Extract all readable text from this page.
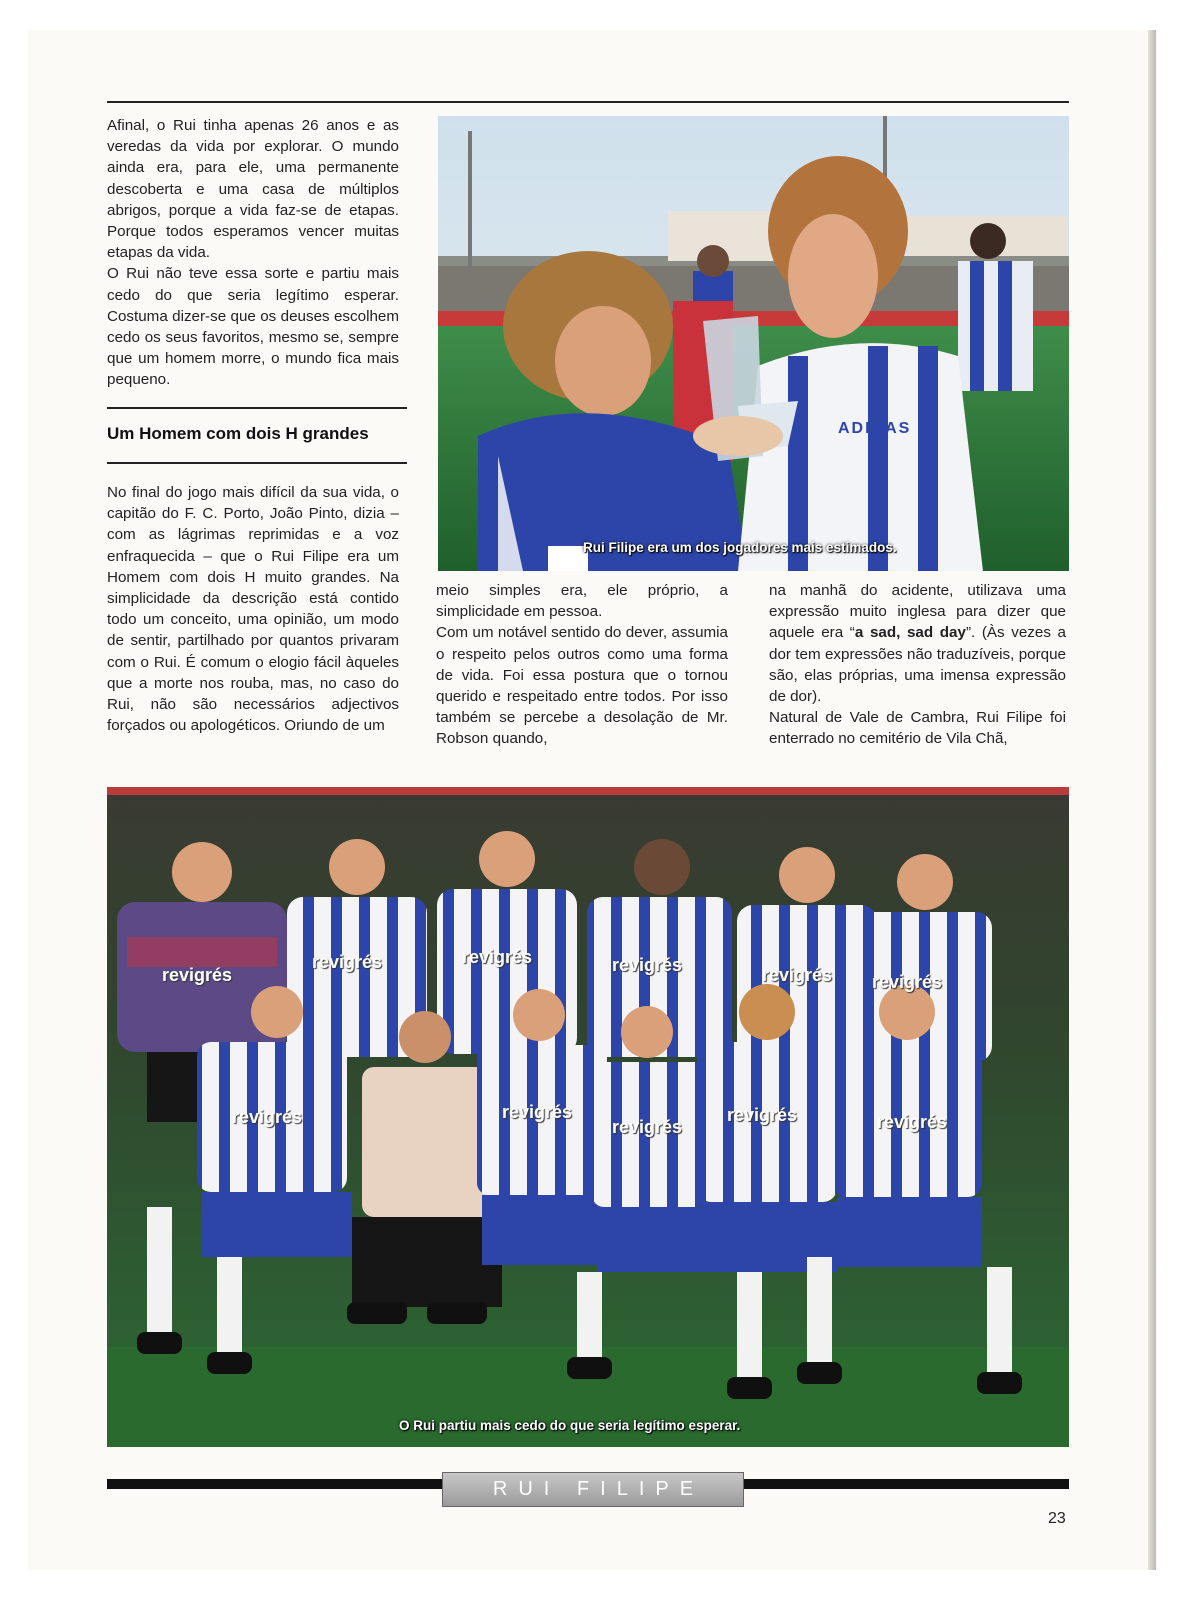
Afinal, o Rui tinha apenas 26 anos e as veredas da vida por explorar. O mundo ainda era, para ele, uma permanente descoberta e uma casa de múltiplos abrigos, porque a vida faz-se de etapas. Porque todos esperamos vencer muitas etapas da vida.

O Rui não teve essa sorte e partiu mais cedo do que seria legítimo esperar. Costuma dizer-se que os deuses escolhem cedo os seus favoritos, mesmo se, sempre que um homem morre, o mundo fica mais pequeno.

Um Homem com dois H grandes

No final do jogo mais difícil da sua vida, o capitão do F. C. Porto, João Pinto, dizia – com as lágrimas reprimidas e a voz enfraquecida – que o Rui Filipe era um Homem com dois H muito grandes. Na simplicidade da descrição está contido todo um conceito, uma opinião, um modo de sentir, partilhado por quantos privaram com o Rui. É comum o elogio fácil àqueles que a morte nos rouba, mas, no caso do Rui, não são necessários adjectivos forçados ou apologéticos. Oriundo de um

meio simples era, ele próprio, a simplicidade em pessoa.

Com um notável sentido do dever, assumia o respeito pelos outros como uma forma de vida. Foi essa postura que o tornou querido e respeitado entre todos. Por isso também se percebe a desolação de Mr. Robson quando,

na manhã do acidente, utilizava uma expressão muito inglesa para dizer que aquele era “a sad, sad day”. (Às vezes a dor tem expressões não traduzíveis, porque são, elas próprias, uma imensa expressão de dor).

Natural de Vale de Cambra, Rui Filipe foi enterrado no cemitério de Vila Chã,

Rui Filipe era um dos jogadores mais estimados.
revigrés
revigrés	revigrés	revigrés	revigrés revigrés
revigrés	revigrés
revigrés
revigrés	revigrés
O Rui partiu mais cedo do que seria legítimo esperar.
ADIDAS
RUI FILIPE
23
